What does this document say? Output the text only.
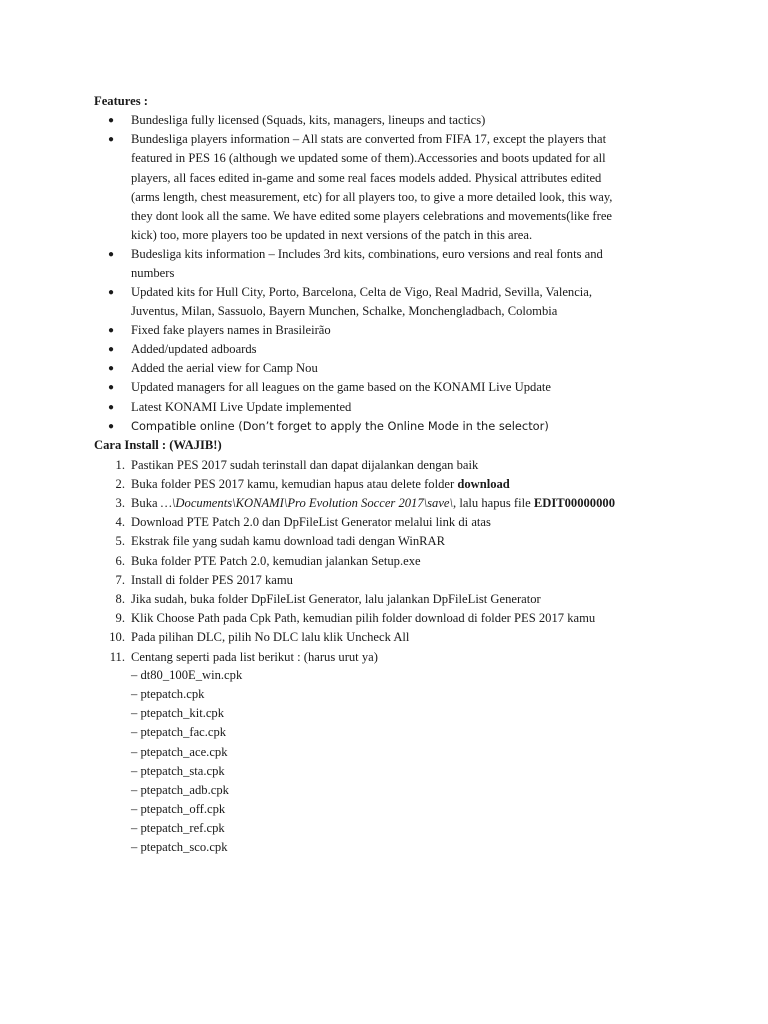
Features :
● Bundesliga fully licensed (Squads, kits, managers, lineups and tactics)
● Bundesliga players information – All stats are converted from FIFA 17, except the players that
featured in PES 16 (although we updated some of them).Accessories and boots updated for all
players, all faces edited in-game and some real faces models added. Physical attributes edited
(arms length, chest measurement, etc) for all players too, to give a more detailed look, this way,
they dont look all the same. We have edited some players celebrations and movements(like free
kick) too, more players too be updated in next versions of the patch in this area.
● Budesliga kits information – Includes 3rd kits, combinations, euro versions and real fonts and
numbers
● Updated kits for Hull City, Porto, Barcelona, Celta de Vigo, Real Madrid, Sevilla, Valencia,
Juventus, Milan, Sassuolo, Bayern Munchen, Schalke, Monchengladbach, Colombia
● Fixed fake players names in Brasileirão
● Added/updated adboards
● Added the aerial view for Camp Nou
● Updated managers for all leagues on the game based on the KONAMI Live Update
● Latest KONAMI Live Update implemented
● Compatible online (Don’t forget to apply the Online Mode in the selector)
Cara Install : (WAJIB!)
1. Pastikan PES 2017 sudah terinstall dan dapat dijalankan dengan baik
2. Buka folder PES 2017 kamu, kemudian hapus atau delete folder download
3. Buka …\Documents\KONAMI\Pro Evolution Soccer 2017\save\, lalu hapus file EDIT00000000
4. Download PTE Patch 2.0 dan DpFileList Generator melalui link di atas
5. Ekstrak file yang sudah kamu download tadi dengan WinRAR
6. Buka folder PTE Patch 2.0, kemudian jalankan Setup.exe
7. Install di folder PES 2017 kamu
8. Jika sudah, buka folder DpFileList Generator, lalu jalankan DpFileList Generator
9. Klik Choose Path pada Cpk Path, kemudian pilih folder download di folder PES 2017 kamu
10. Pada pilihan DLC, pilih No DLC lalu klik Uncheck All
11. Centang seperti pada list berikut : (harus urut ya)
– dt80_100E_win.cpk
– ptepatch.cpk
– ptepatch_kit.cpk
– ptepatch_fac.cpk
– ptepatch_ace.cpk
– ptepatch_sta.cpk
– ptepatch_adb.cpk
– ptepatch_off.cpk
– ptepatch_ref.cpk
– ptepatch_sco.cpk
